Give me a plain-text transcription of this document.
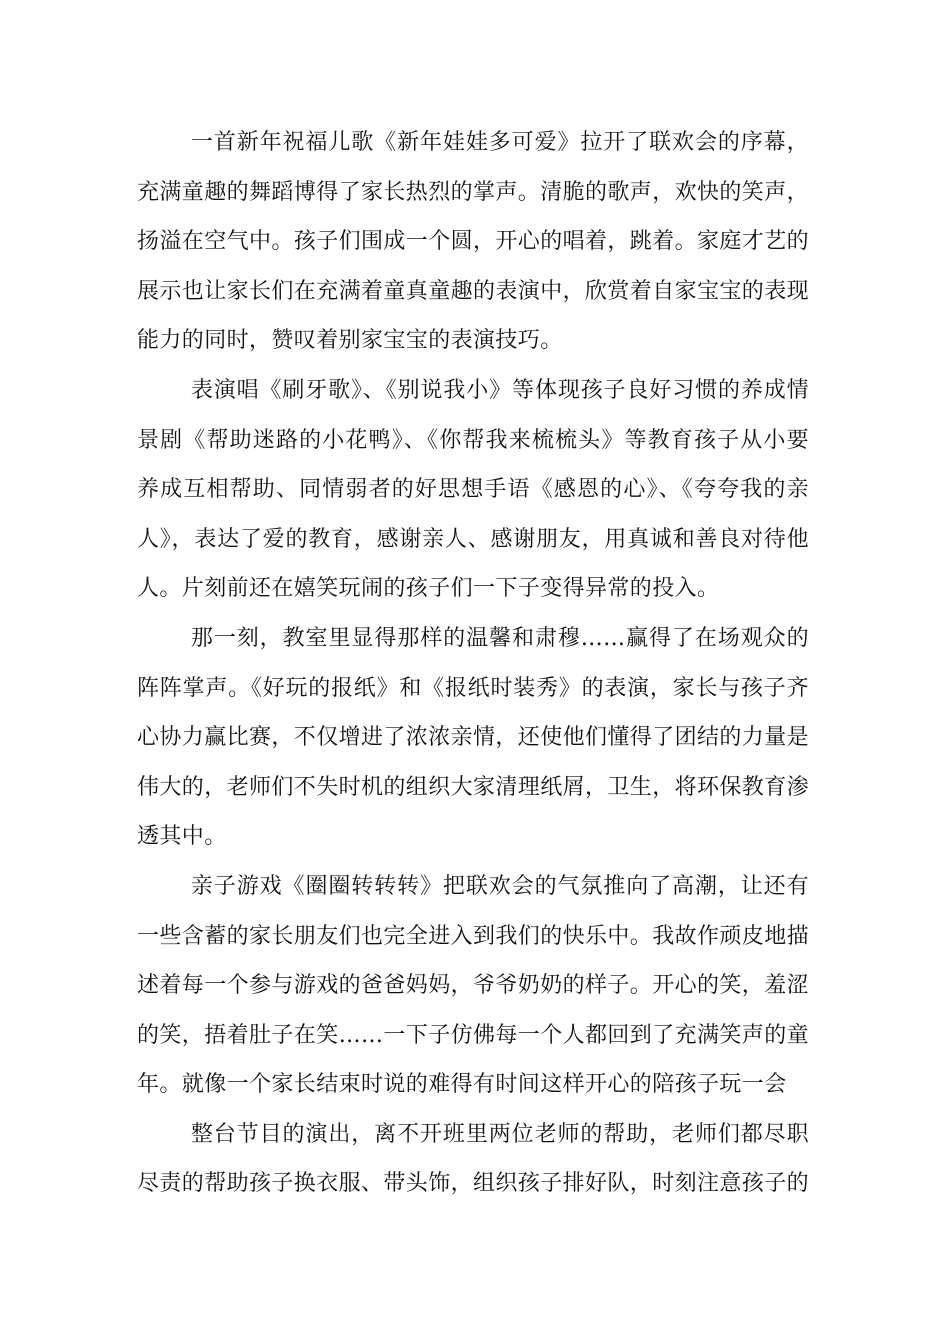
一首新年祝福儿歌《新年娃娃多可爱》拉开了联欢会的序幕，充满童趣的舞蹈博得了家长热烈的掌声。清脆的歌声，欢快的笑声，扬溢在空气中。孩子们围成一个圆，开心的唱着，跳着。家庭才艺的展示也让家长们在充满着童真童趣的表演中，欣赏着自家宝宝的表现能力的同时，赞叹着别家宝宝的表演技巧。

表演唱《刷牙歌》、《别说我小》等体现孩子良好习惯的养成情景剧《帮助迷路的小花鸭》、《你帮我来梳梳头》等教育孩子从小要养成互相帮助、同情弱者的好思想手语《感恩的心》、《夸夸我的亲人》，表达了爱的教育，感谢亲人、感谢朋友，用真诚和善良对待他人。片刻前还在嬉笑玩闹的孩子们一下子变得异常的投入。

那一刻，教室里显得那样的温馨和肃穆……赢得了在场观众的阵阵掌声。《好玩的报纸》和《报纸时装秀》的表演，家长与孩子齐心协力赢比赛，不仅增进了浓浓亲情，还使他们懂得了团结的力量是伟大的，老师们不失时机的组织大家清理纸屑，卫生，将环保教育渗透其中。

亲子游戏《圈圈转转转》把联欢会的气氛推向了高潮，让还有一些含蓄的家长朋友们也完全进入到我们的快乐中。我故作顽皮地描述着每一个参与游戏的爸爸妈妈，爷爷奶奶的样子。开心的笑，羞涩的笑，捂着肚子在笑……一下子仿佛每一个人都回到了充满笑声的童年。就像一个家长结束时说的难得有时间这样开心的陪孩子玩一会

整台节目的演出，离不开班里两位老师的帮助，老师们都尽职尽责的帮助孩子换衣服、带头饰，组织孩子排好队，时刻注意孩子的
